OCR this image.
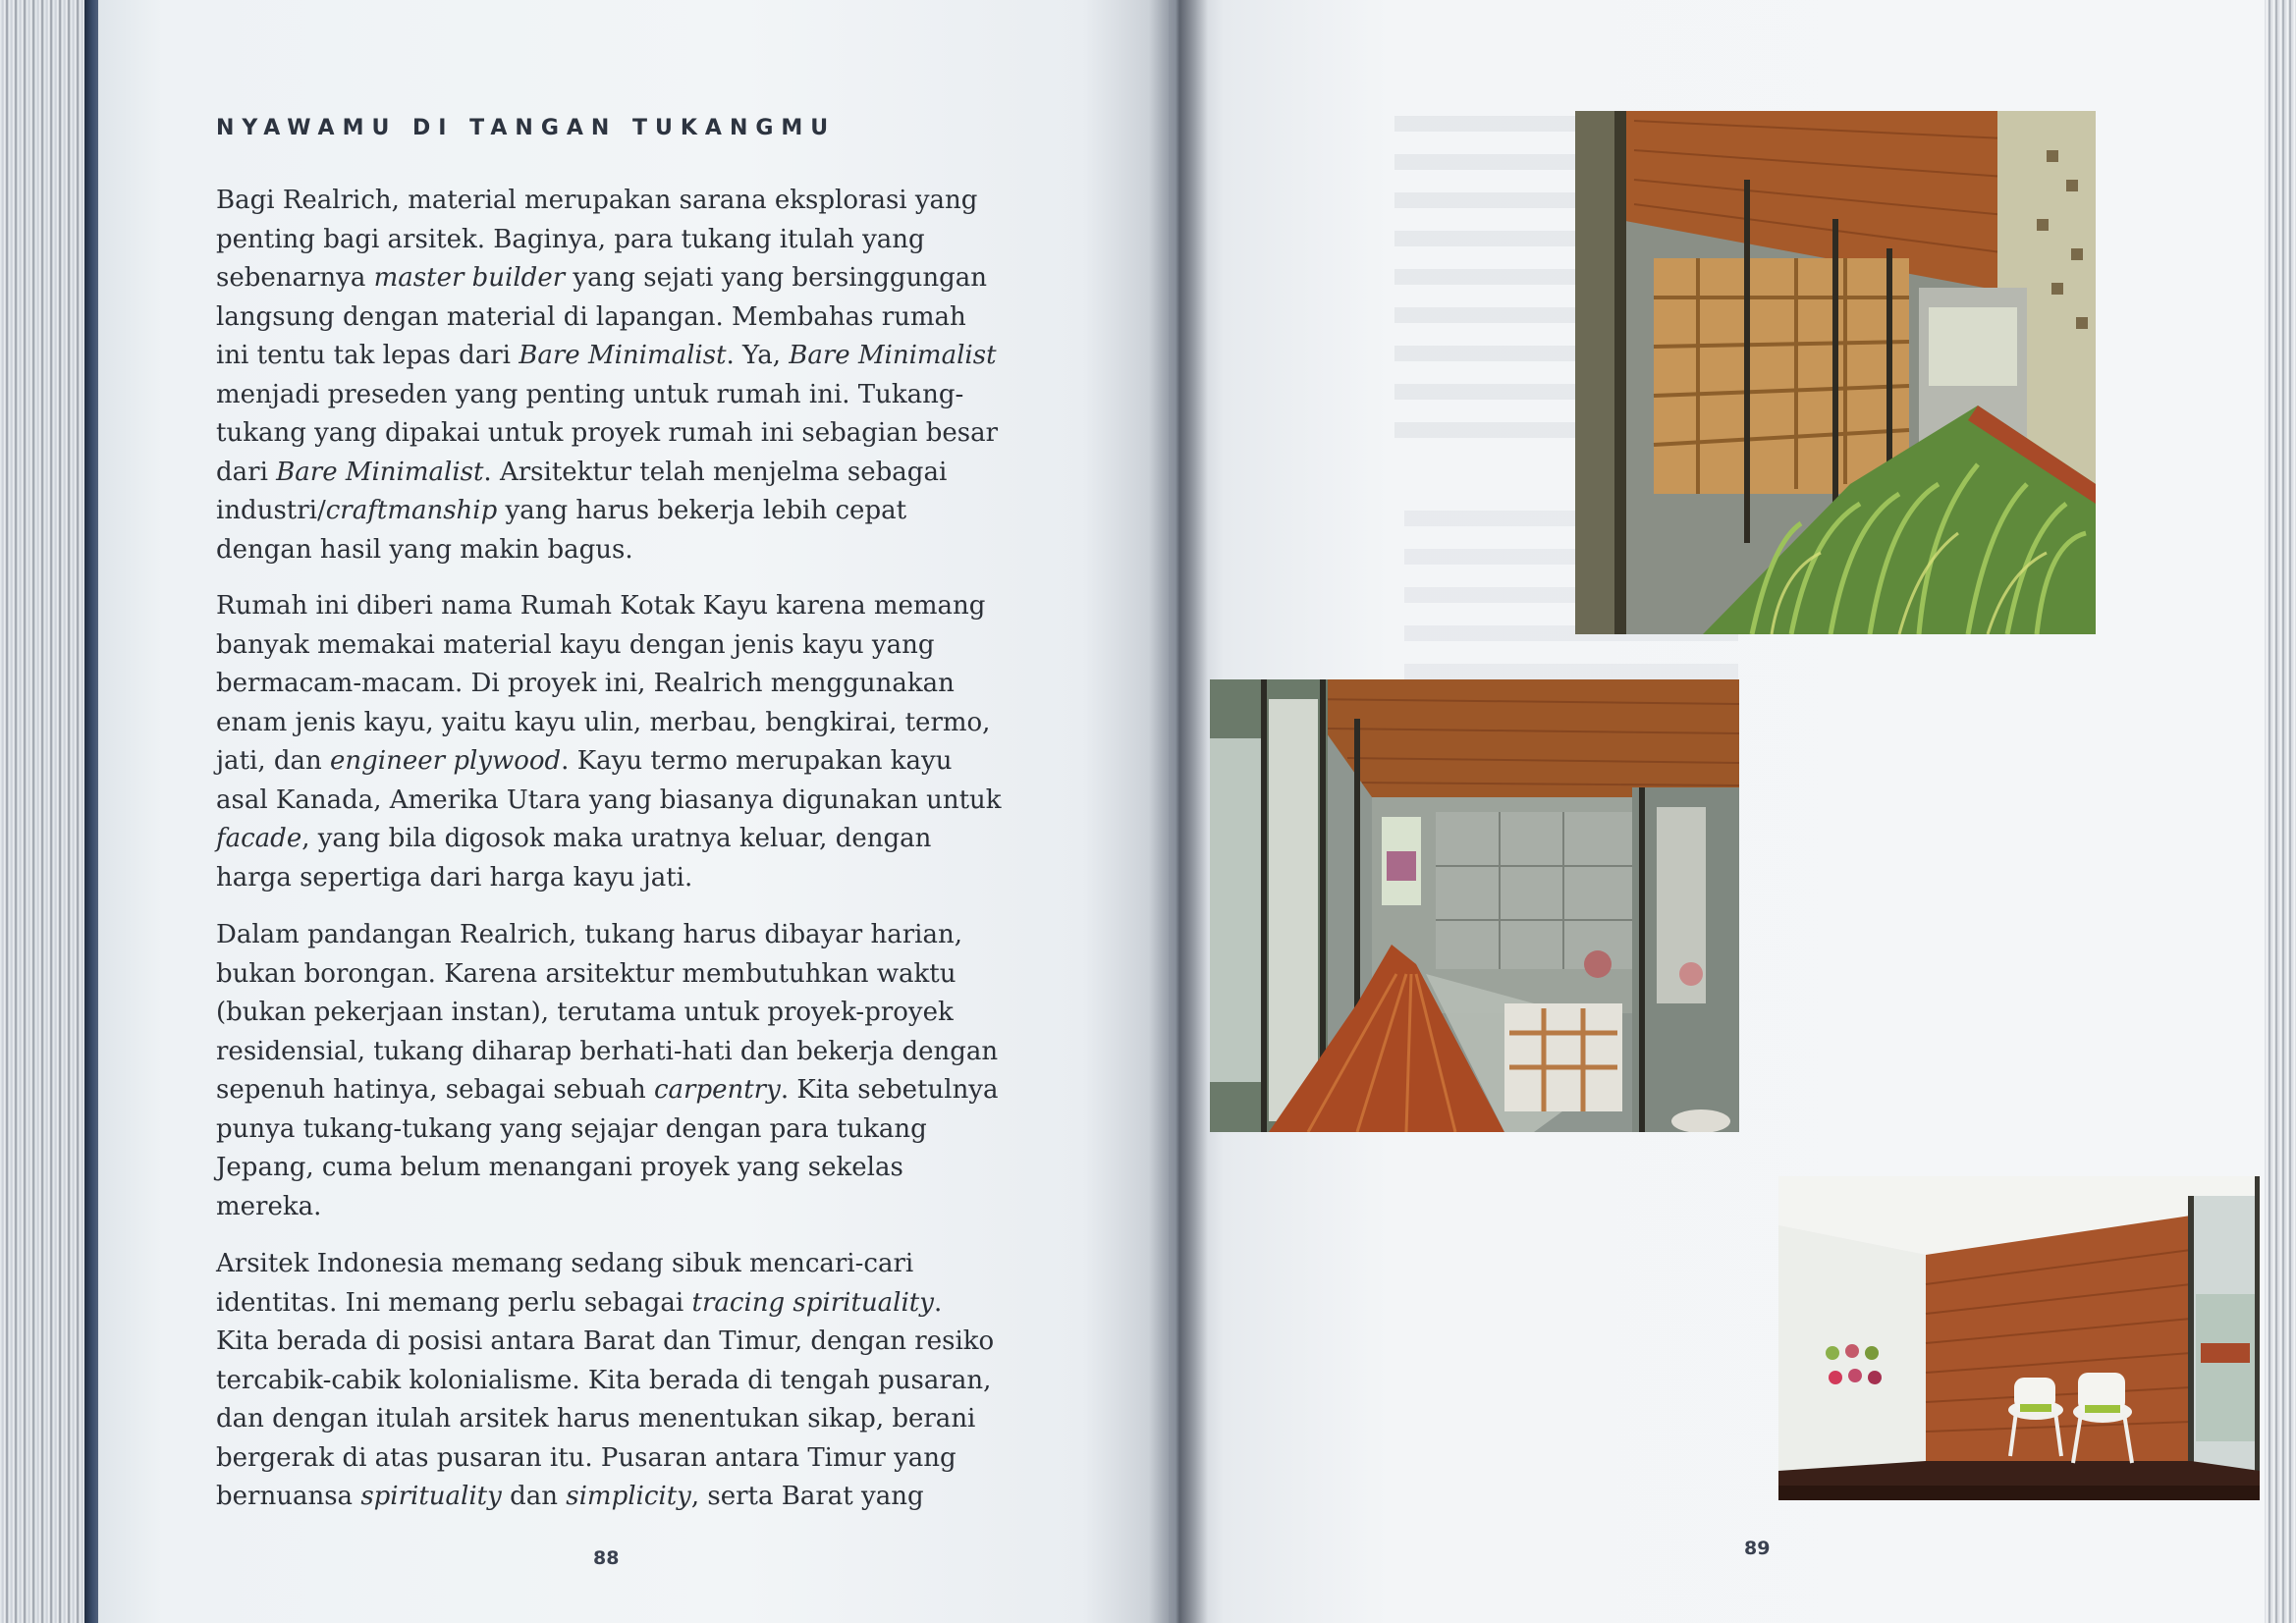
NYAWAMU DI TANGAN TUKANGMU

Bagi Realrich, material merupakan sarana eksplorasi yang penting bagi arsitek. Baginya, para tukang itulah yang sebenarnya master builder yang sejati yang bersinggungan langsung dengan material di lapangan. Membahas rumah ini tentu tak lepas dari Bare Minimalist. Ya, Bare Minimalist menjadi preseden yang penting untuk rumah ini. Tukang-tukang yang dipakai untuk proyek rumah ini sebagian besar dari Bare Minimalist. Arsitektur telah menjelma sebagai industri/craftmanship yang harus bekerja lebih cepat dengan hasil yang makin bagus.

Rumah ini diberi nama Rumah Kotak Kayu karena memang banyak memakai material kayu dengan jenis kayu yang bermacam-macam. Di proyek ini, Realrich menggunakan enam jenis kayu, yaitu kayu ulin, merbau, bengkirai, termo, jati, dan engineer plywood. Kayu termo merupakan kayu asal Kanada, Amerika Utara yang biasanya digunakan untuk facade, yang bila digosok maka uratnya keluar, dengan harga sepertiga dari harga kayu jati.

Dalam pandangan Realrich, tukang harus dibayar harian, bukan borongan. Karena arsitektur membutuhkan waktu (bukan pekerjaan instan), terutama untuk proyek-proyek residensial, tukang diharap berhati-hati dan bekerja dengan sepenuh hatinya, sebagai sebuah carpentry. Kita sebetulnya punya tukang-tukang yang sejajar dengan para tukang Jepang, cuma belum menangani proyek yang sekelas mereka.

Arsitek Indonesia memang sedang sibuk mencari-cari identitas. Ini memang perlu sebagai tracing spirituality. Kita berada di posisi antara Barat dan Timur, dengan resiko tercabik-cabik kolonialisme. Kita berada di tengah pusaran, dan dengan itulah arsitek harus menentukan sikap, berani bergerak di atas pusaran itu. Pusaran antara Timur yang bernuansa spirituality dan simplicity, serta Barat yang

88	89
